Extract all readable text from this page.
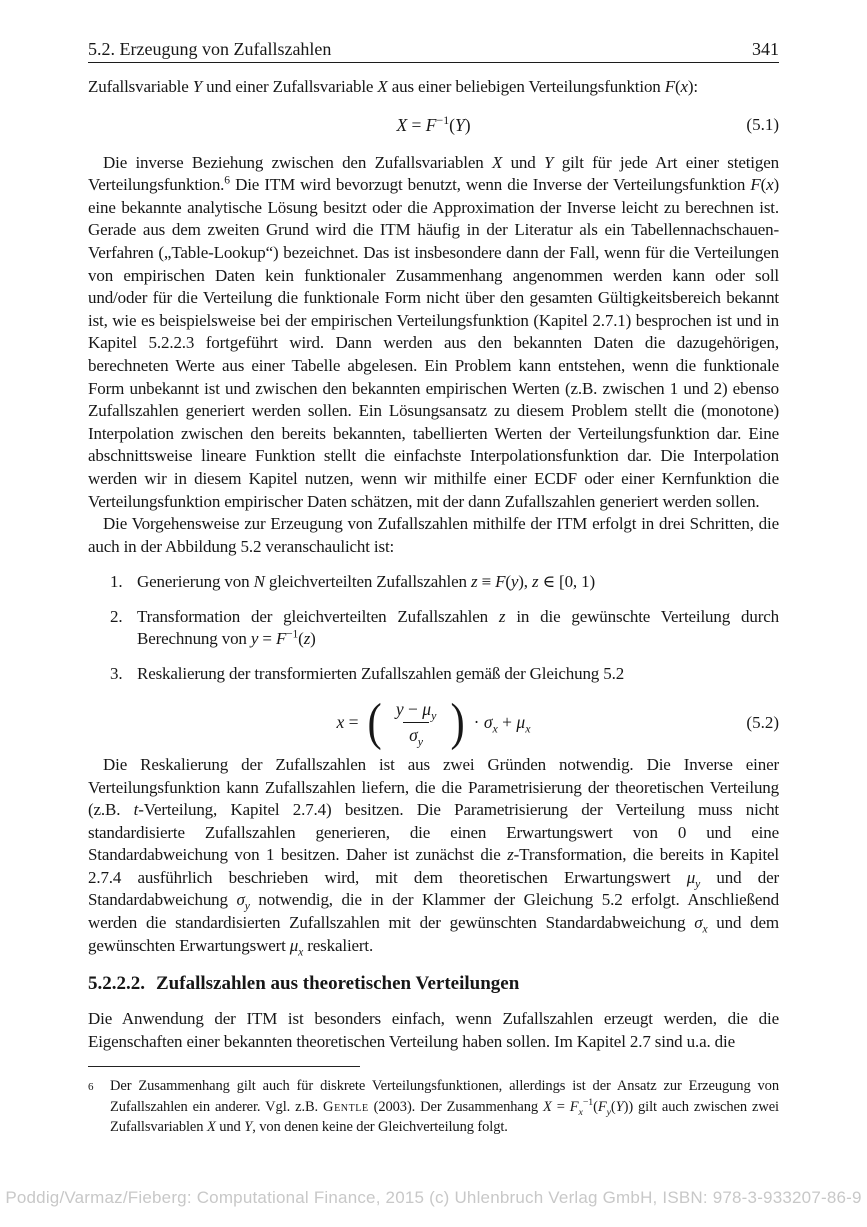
5.2. Erzeugung von Zufallszahlen	341

Zufallsvariable Y und einer Zufallsvariable X aus einer beliebigen Verteilungsfunktion F(x):

$X = F^{-1}(Y)$	(5.1)

Die inverse Beziehung zwischen den Zufallsvariablen X und Y gilt für jede Art einer stetigen Verteilungsfunktion.$^6$ Die ITM wird bevorzugt benutzt, wenn die Inverse der Verteilungsfunktion F(x) eine bekannte analytische Lösung besitzt oder die Approximation der Inverse leicht zu berechnen ist. Gerade aus dem zweiten Grund wird die ITM häufig in der Literatur als ein Tabellennachschauen-Verfahren („Table-Lookup“) bezeichnet. Das ist insbesondere dann der Fall, wenn für die Verteilungen von empirischen Daten kein funktionaler Zusammenhang angenommen werden kann oder soll und/oder für die Verteilung die funktionale Form nicht über den gesamten Gültigkeitsbereich bekannt ist, wie es beispielsweise bei der empirischen Verteilungsfunktion (Kapitel 2.7.1) besprochen ist und in Kapitel 5.2.2.3 fortgeführt wird. Dann werden aus den bekannten Daten die dazugehörigen, berechneten Werte aus einer Tabelle abgelesen. Ein Problem kann entstehen, wenn die funktionale Form unbekannt ist und zwischen den bekannten empirischen Werten (z.B. zwischen 1 und 2) ebenso Zufallszahlen generiert werden sollen. Ein Lösungsansatz zu diesem Problem stellt die (monotone) Interpolation zwischen den bereits bekannten, tabellierten Werten der Verteilungsfunktion dar. Eine abschnittsweise lineare Funktion stellt die einfachste Interpolationsfunktion dar. Die Interpolation werden wir in diesem Kapitel nutzen, wenn wir mithilfe einer ECDF oder einer Kernfunktion die Verteilungsfunktion empirischer Daten schätzen, mit der dann Zufallszahlen generiert werden sollen.

Die Vorgehensweise zur Erzeugung von Zufallszahlen mithilfe der ITM erfolgt in drei Schritten, die auch in der Abbildung 5.2 veranschaulicht ist:

1. Generierung von N gleichverteilten Zufallszahlen z ≡ F(y), z ∈ [0, 1)
2. Transformation der gleichverteilten Zufallszahlen z in die gewünschte Verteilung durch Berechnung von $y = F^{-1}(z)$
3. Reskalierung der transformierten Zufallszahlen gemäß der Gleichung 5.2
x = ( $\frac{y - \mu_y}{\sigma_y}$ ) · $\sigma_x + \mu_x$	(5.2)

Die Reskalierung der Zufallszahlen ist aus zwei Gründen notwendig. Die Inverse einer Verteilungsfunktion kann Zufallszahlen liefern, die die Parametrisierung der theoretischen Verteilung (z.B. t-Verteilung, Kapitel 2.7.4) besitzen. Die Parametrisierung der Verteilung muss nicht standardisierte Zufallszahlen generieren, die einen Erwartungswert von 0 und eine Standardabweichung von 1 besitzen. Daher ist zunächst die z-Transformation, die bereits in Kapitel 2.7.4 ausführlich beschrieben wird, mit dem theoretischen Erwartungswert $\mu_y$ und der Standardabweichung $\sigma_y$ notwendig, die in der Klammer der Gleichung 5.2 erfolgt. Anschließend werden die standardisierten Zufallszahlen mit der gewünschten Standardabweichung $\sigma_x$ und dem gewünschten Erwartungswert $\mu_x$ reskaliert.

5.2.2.2. Zufallszahlen aus theoretischen Verteilungen

Die Anwendung der ITM ist besonders einfach, wenn Zufallszahlen erzeugt werden, die die Eigenschaften einer bekannten theoretischen Verteilung haben sollen. Im Kapitel 2.7 sind u.a. die

6	Der Zusammenhang gilt auch für diskrete Verteilungsfunktionen, allerdings ist der Ansatz zur Erzeugung von Zufallszahlen ein anderer. Vgl. z.B. Gentle (2003). Der Zusammenhang $X = F_x^{-1}(F_y(Y))$ gilt auch zwischen zwei Zufallsvariablen X und Y, von denen keine der Gleichverteilung folgt.
Poddig/Varmaz/Fieberg: Computational Finance, 2015 (c) Uhlenbruch Verlag GmbH, ISBN: 978-3-933207-86-9
